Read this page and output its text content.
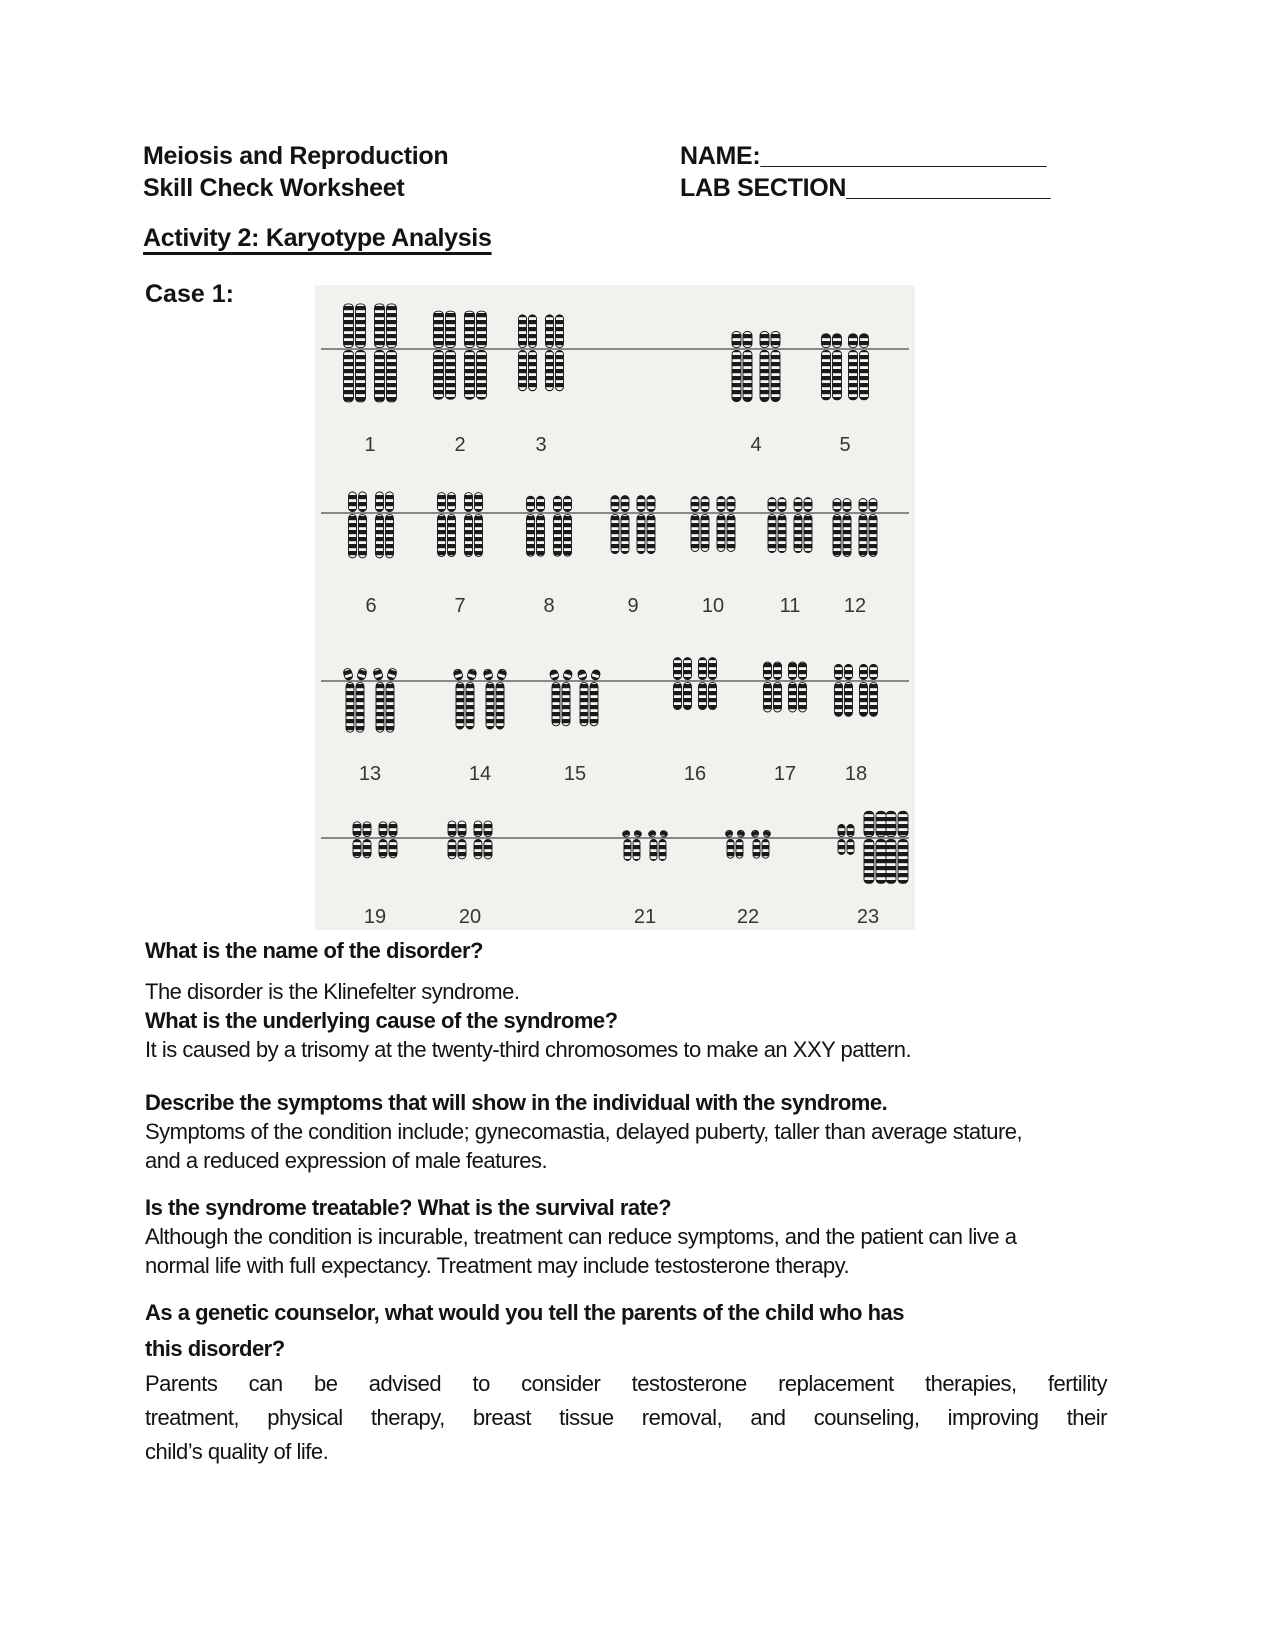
Meiosis and Reproduction
Skill Check Worksheet
NAME:_____________________
LAB SECTION_______________
Activity 2: Karyotype Analysis
Case 1:
1	2	3	4	5
6	7	8	9	10	11 12
13	14	15	16	17 18
19	20	21	22	23
What is the name of the disorder?
The disorder is the Klinefelter syndrome.
What is the underlying cause of the syndrome?
It is caused by a trisomy at the twenty-third chromosomes to make an XXY pattern.
Describe the symptoms that will show in the individual with the syndrome.
Symptoms of the condition include; gynecomastia, delayed puberty, taller than average stature,
and a reduced expression of male features.
Is the syndrome treatable? What is the survival rate?
Although the condition is incurable, treatment can reduce symptoms, and the patient can live a
normal life with full expectancy. Treatment may include testosterone therapy.
As a genetic counselor, what would you tell the parents of the child who has
this disorder?
Parents can be advised to consider testosterone replacement therapies, fertility
treatment, physical therapy, breast tissue removal, and counseling, improving their
child’s quality of life.
